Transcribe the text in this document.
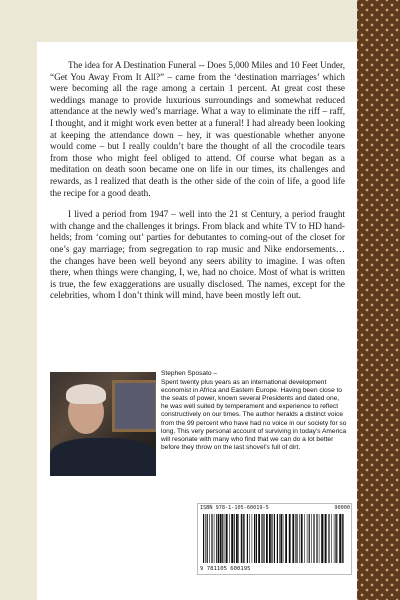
The idea for A Destination Funeral -- Does 5,000 Miles and 10 Feet Under, “Get You Away From It All?” – came from the ‘destination marriages’ which were becoming all the rage among a certain 1 percent. At great cost these weddings manage to provide luxurious surroundings and somewhat reduced attendance at the newly wed’s marriage. What a way to eliminate the riff – raff, I thought, and it might work even better at a funeral! I had already been looking at keeping the attendance down – hey, it was questionable whether anyone would come – but I really couldn’t bare the thought of all the crocodile tears from those who might feel obliged to attend. Of course what began as a meditation on death soon became one on life in our times, its challenges and rewards, as I realized that death is the other side of the coin of life, a good life the recipe for a good death.

I lived a period from 1947 – well into the 21 st Century, a period fraught with change and the challenges it brings. From black and white TV to HD hand-helds; from ‘coming out’ parties for debutantes to coming-out of the closet for one’s gay marriage; from segregation to rap music and Nike endorsements… the changes have been well beyond any seers ability to imagine. I was often there, when things were changing, I, we, had no choice. Most of what is written is true, the few exaggerations are usually disclosed. The names, except for the celebrities, whom I don’t think will mind, have been mostly left out.

Stephen Sposato –
Spent twenty plus years as an international development economist in Africa and Eastern Europe. Having been close to the seats of power, known several Presidents and dated one, he was well suited by temperament and experience to reflect constructively on our times. The author heralds a distinct voice from the 99 percent who have had no voice in our society for so long. This very personal account of surviving in today’s America will resonate with many who find that we can do a lot better before they throw on the last shovel’s full of dirt.
ISBN 978-1-105-60019-5	90000
9 781105 600195
